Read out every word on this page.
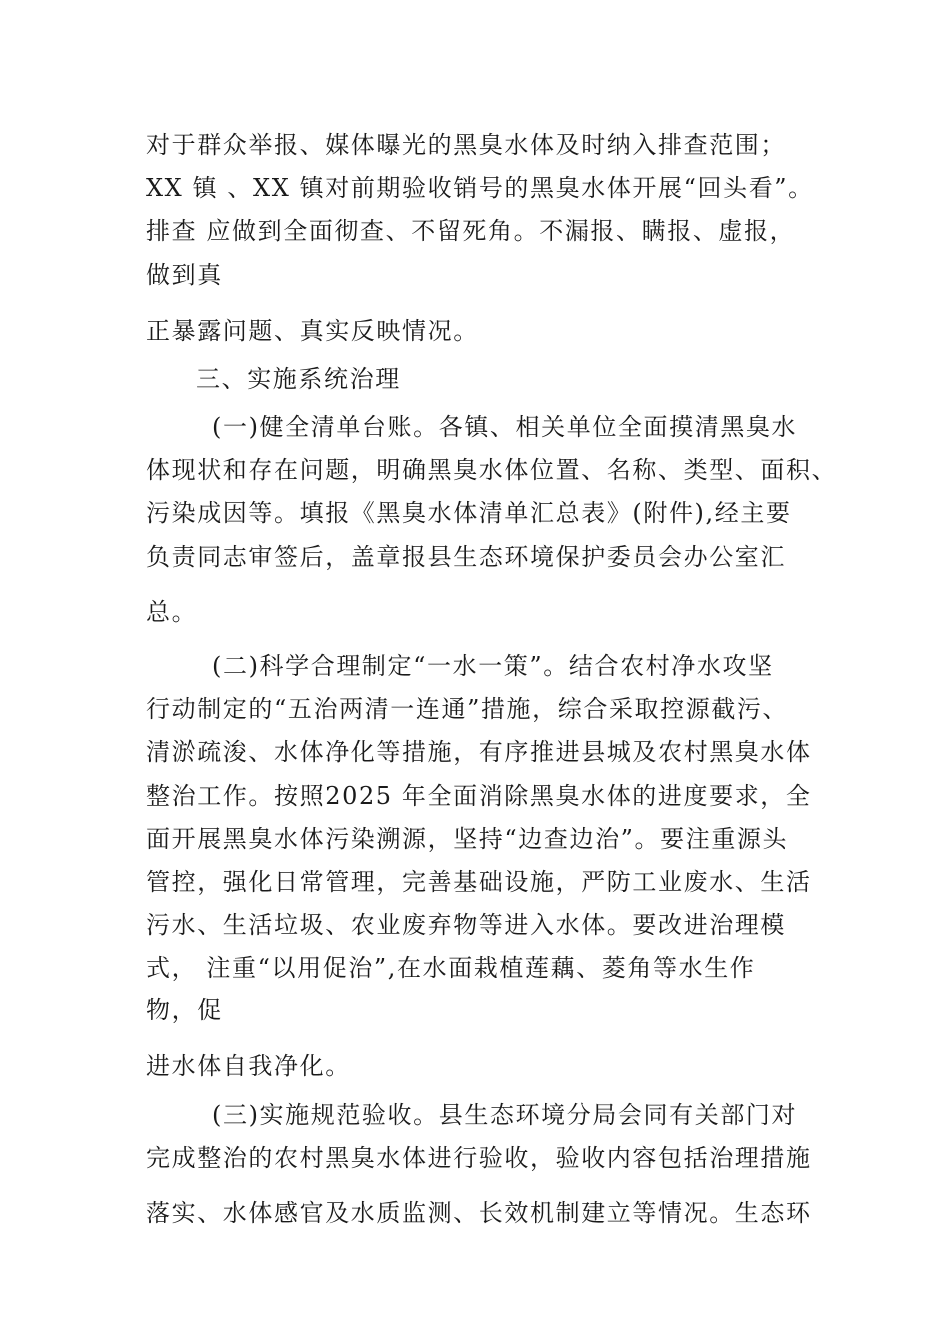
对于群众举报、媒体曝光的黑臭水体及时纳入排查范围；
XX 镇 、XX 镇对前期验收销号的黑臭水体开展“回头看”。
排查 应做到全面彻查、不留死角。不漏报、瞒报、虚报，
做到真
正暴露问题、真实反映情况。
三、实施系统治理
(一)健全清单台账。各镇、相关单位全面摸清黑臭水
体现状和存在问题，明确黑臭水体位置、名称、类型、面积、
污染成因等。填报《黑臭水体清单汇总表》(附件),经主要
负责同志审签后，盖章报县生态环境保护委员会办公室汇
总。
(二)科学合理制定“一水一策”。结合农村净水攻坚
行动制定的“五治两清一连通”措施，综合采取控源截污、
清淤疏浚、水体净化等措施，有序推进县城及农村黑臭水体
整治工作。按照2025 年全面消除黑臭水体的进度要求，全
面开展黑臭水体污染溯源，坚持“边查边治”。要注重源头
管控，强化日常管理，完善基础设施，严防工业废水、生活
污水、生活垃圾、农业废弃物等进入水体。要改进治理模
式， 注重“以用促治”,在水面栽植莲藕、菱角等水生作
物，促
进水体自我净化。
(三)实施规范验收。县生态环境分局会同有关部门对
完成整治的农村黑臭水体进行验收，验收内容包括治理措施
落实、水体感官及水质监测、长效机制建立等情况。生态环
